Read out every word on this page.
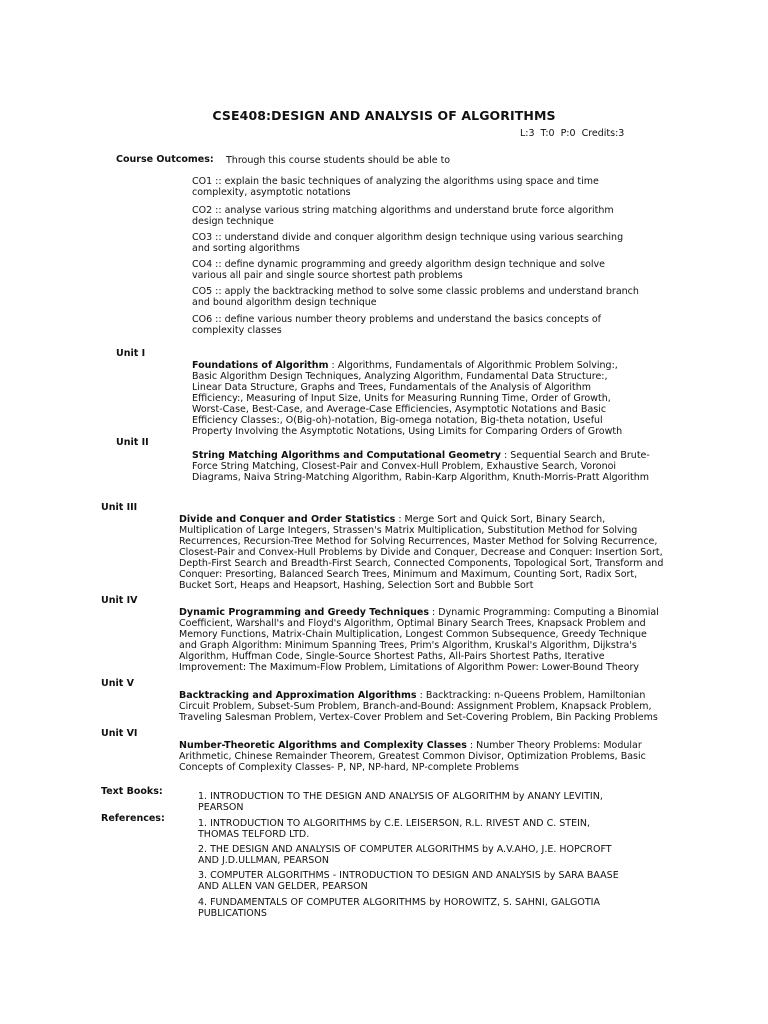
CSE408:DESIGN AND ANALYSIS OF ALGORITHMS
L:3 T:0 P:0 Credits:3
Course Outcomes: Through this course students should be able to
CO1 :: explain the basic techniques of analyzing the algorithms using space and time complexity, asymptotic notations
CO2 :: analyse various string matching algorithms and understand brute force algorithm design technique
CO3 :: understand divide and conquer algorithm design technique using various searching and sorting algorithms
CO4 :: define dynamic programming and greedy algorithm design technique and solve various all pair and single source shortest path problems
CO5 :: apply the backtracking method to solve some classic problems and understand branch and bound algorithm design technique
CO6 :: define various number theory problems and understand the basics concepts of complexity classes
Unit I
Foundations of Algorithm : Algorithms, Fundamentals of Algorithmic Problem Solving:, Basic Algorithm Design Techniques, Analyzing Algorithm, Fundamental Data Structure:, Linear Data Structure, Graphs and Trees, Fundamentals of the Analysis of Algorithm Efficiency:, Measuring of Input Size, Units for Measuring Running Time, Order of Growth, Worst-Case, Best-Case, and Average-Case Efficiencies, Asymptotic Notations and Basic Efficiency Classes:, O(Big-oh)-notation, Big-omega notation, Big-theta notation, Useful Property Involving the Asymptotic Notations, Using Limits for Comparing Orders of Growth
Unit II
String Matching Algorithms and Computational Geometry : Sequential Search and Brute-Force String Matching, Closest-Pair and Convex-Hull Problem, Exhaustive Search, Voronoi Diagrams, Naiva String-Matching Algorithm, Rabin-Karp Algorithm, Knuth-Morris-Pratt Algorithm
Unit III
Divide and Conquer and Order Statistics : Merge Sort and Quick Sort, Binary Search, Multiplication of Large Integers, Strassen's Matrix Multiplication, Substitution Method for Solving Recurrences, Recursion-Tree Method for Solving Recurrences, Master Method for Solving Recurrence, Closest-Pair and Convex-Hull Problems by Divide and Conquer, Decrease and Conquer: Insertion Sort, Depth-First Search and Breadth-First Search, Connected Components, Topological Sort, Transform and Conquer: Presorting, Balanced Search Trees, Minimum and Maximum, Counting Sort, Radix Sort, Bucket Sort, Heaps and Heapsort, Hashing, Selection Sort and Bubble Sort
Unit IV
Dynamic Programming and Greedy Techniques : Dynamic Programming: Computing a Binomial Coefficient, Warshall's and Floyd's Algorithm, Optimal Binary Search Trees, Knapsack Problem and Memory Functions, Matrix-Chain Multiplication, Longest Common Subsequence, Greedy Technique and Graph Algorithm: Minimum Spanning Trees, Prim's Algorithm, Kruskal's Algorithm, Dijkstra's Algorithm, Huffman Code, Single-Source Shortest Paths, All-Pairs Shortest Paths, Iterative Improvement: The Maximum-Flow Problem, Limitations of Algorithm Power: Lower-Bound Theory
Unit V
Backtracking and Approximation Algorithms : Backtracking: n-Queens Problem, Hamiltonian Circuit Problem, Subset-Sum Problem, Branch-and-Bound: Assignment Problem, Knapsack Problem, Traveling Salesman Problem, Vertex-Cover Problem and Set-Covering Problem, Bin Packing Problems
Unit VI
Number-Theoretic Algorithms and Complexity Classes : Number Theory Problems: Modular Arithmetic, Chinese Remainder Theorem, Greatest Common Divisor, Optimization Problems, Basic Concepts of Complexity Classes- P, NP, NP-hard, NP-complete Problems
Text Books:	1. INTRODUCTION TO THE DESIGN AND ANALYSIS OF ALGORITHM by ANANY LEVITIN, PEARSON
References:	1. INTRODUCTION TO ALGORITHMS by C.E. LEISERSON, R.L. RIVEST AND C. STEIN, THOMAS TELFORD LTD.
2. THE DESIGN AND ANALYSIS OF COMPUTER ALGORITHMS by A.V.AHO, J.E. HOPCROFT AND J.D.ULLMAN, PEARSON
3. COMPUTER ALGORITHMS - INTRODUCTION TO DESIGN AND ANALYSIS by SARA BAASE AND ALLEN VAN GELDER, PEARSON
4. FUNDAMENTALS OF COMPUTER ALGORITHMS by HOROWITZ, S. SAHNI, GALGOTIA PUBLICATIONS
